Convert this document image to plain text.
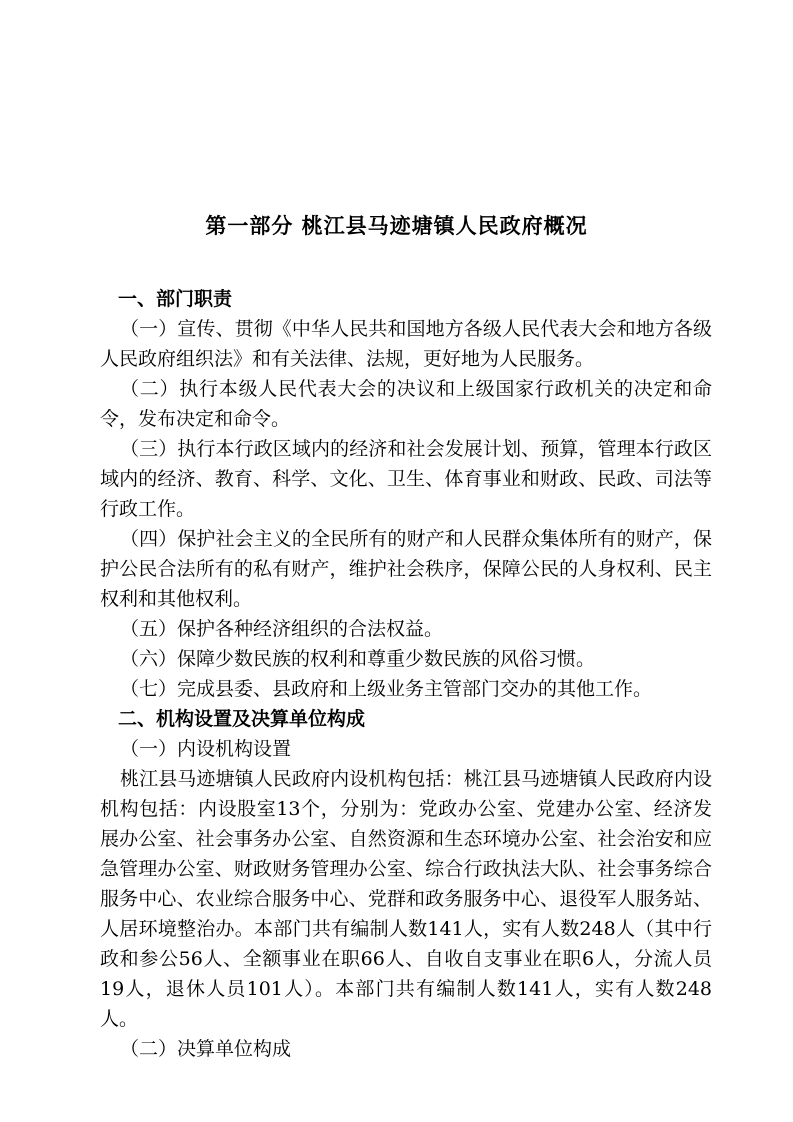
第一部分 桃江县马迹塘镇人民政府概况
一、部门职责
（一）宣传、贯彻《中华人民共和国地方各级人民代表大会和地方各级人民政府组织法》和有关法律、法规，更好地为人民服务。
（二）执行本级人民代表大会的决议和上级国家行政机关的决定和命令，发布决定和命令。
（三）执行本行政区域内的经济和社会发展计划、预算，管理本行政区域内的经济、教育、科学、文化、卫生、体育事业和财政、民政、司法等行政工作。
（四）保护社会主义的全民所有的财产和人民群众集体所有的财产，保护公民合法所有的私有财产，维护社会秩序，保障公民的人身权利、民主权利和其他权利。
（五）保护各种经济组织的合法权益。
（六）保障少数民族的权利和尊重少数民族的风俗习惯。
（七）完成县委、县政府和上级业务主管部门交办的其他工作。
二、机构设置及决算单位构成
（一）内设机构设置
桃江县马迹塘镇人民政府内设机构包括：桃江县马迹塘镇人民政府内设机构包括：内设股室13个，分别为：党政办公室、党建办公室、经济发展办公室、社会事务办公室、自然资源和生态环境办公室、社会治安和应急管理办公室、财政财务管理办公室、综合行政执法大队、社会事务综合服务中心、农业综合服务中心、党群和政务服务中心、退役军人服务站、人居环境整治办。本部门共有编制人数141人，实有人数248人（其中行政和参公56人、全额事业在职66人、自收自支事业在职6人，分流人员19人，退休人员101人）。本部门共有编制人数141人，实有人数248人。
（二）决算单位构成
